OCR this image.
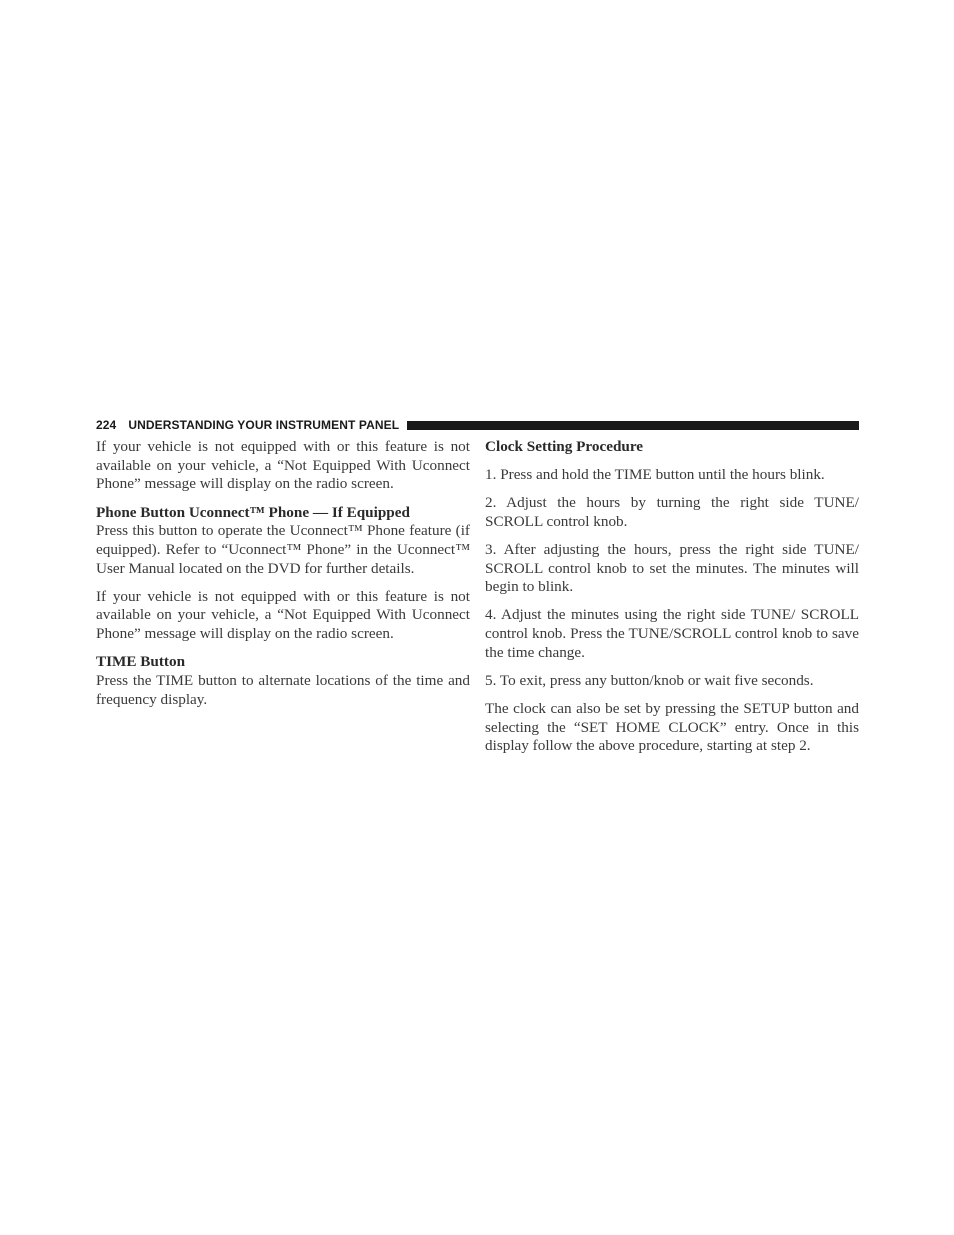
224 UNDERSTANDING YOUR INSTRUMENT PANEL

If your vehicle is not equipped with or this feature is not available on your vehicle, a “Not Equipped With Uconnect Phone” message will display on the radio screen.

Phone Button Uconnect™ Phone — If Equipped

Press this button to operate the Uconnect™ Phone feature (if equipped). Refer to “Uconnect™ Phone” in the Uconnect™ User Manual located on the DVD for further details.

If your vehicle is not equipped with or this feature is not available on your vehicle, a “Not Equipped With Uconnect Phone” message will display on the radio screen.

TIME Button

Press the TIME button to alternate locations of the time and frequency display.

Clock Setting Procedure

1. Press and hold the TIME button until the hours blink.

2. Adjust the hours by turning the right side TUNE/ SCROLL control knob.

3. After adjusting the hours, press the right side TUNE/ SCROLL control knob to set the minutes. The minutes will begin to blink.

4. Adjust the minutes using the right side TUNE/ SCROLL control knob. Press the TUNE/SCROLL control knob to save the time change.

5. To exit, press any button/knob or wait five seconds.

The clock can also be set by pressing the SETUP button and selecting the “SET HOME CLOCK” entry. Once in this display follow the above procedure, starting at step 2.
